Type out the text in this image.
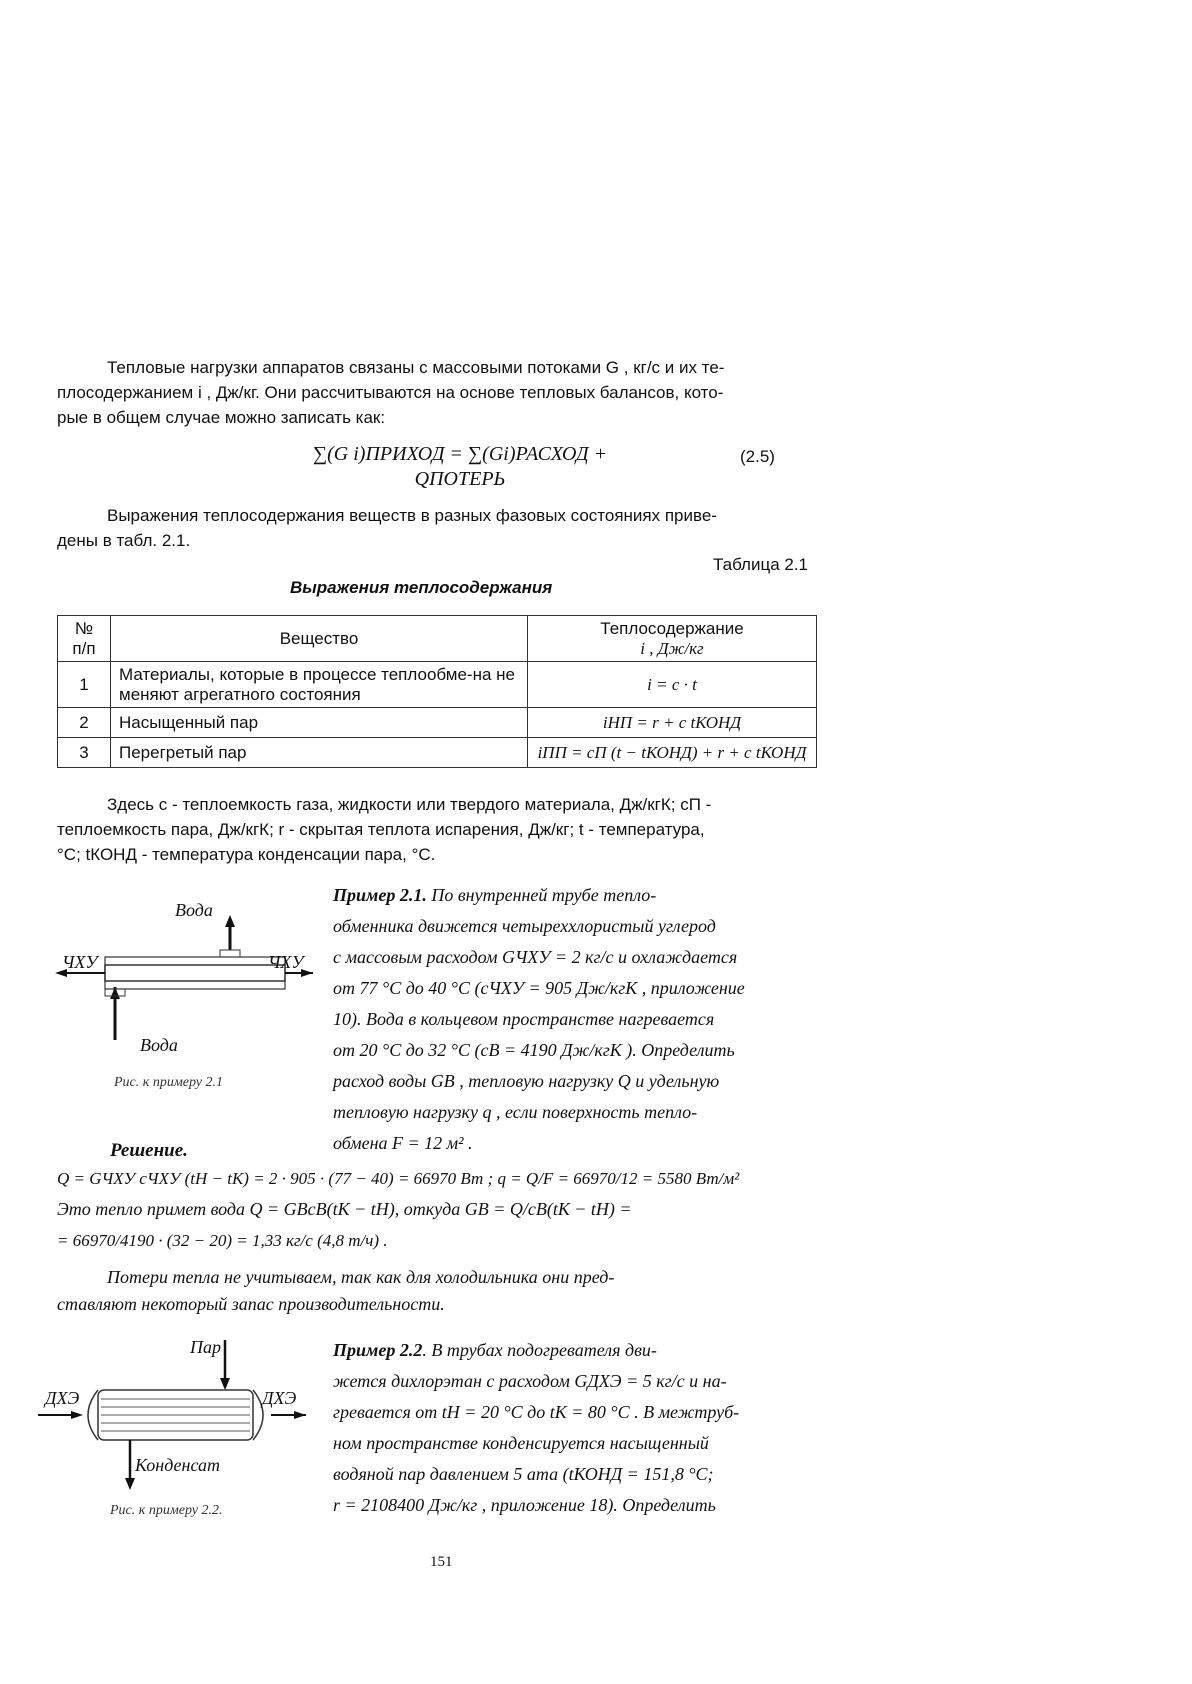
Тепловые нагрузки аппаратов связаны с массовыми потоками G , кг/с и их те-
плосодержанием i , Дж/кг. Они рассчитываются на основе тепловых балансов, кото-
рые в общем случае можно записать как:
∑(G i)ПРИХОД = ∑(Gi)РАСХОД + QПОТЕРЬ
(2.5)
Выражения теплосодержания веществ в разных фазовых состояниях приве-
дены в табл. 2.1.
Таблица 2.1
Выражения теплосодержания
№ п/п	Вещество	Теплосодержание
i , Дж/кг

1	Материалы, которые в процессе теплообме-на не меняют агрегатного состояния	i = c · t
2	Насыщенный пар	iНП = r + c tКОНД
3	Перегретый пар	iПП = cП (t − tКОНД) + r + c tКОНД
Здесь c - теплоемкость газа, жидкости или твердого материала, Дж/кгК; cП -
теплоемкость пара, Дж/кгК; r - скрытая теплота испарения, Дж/кг; t - температура,
°C; tКОНД - температура конденсации пара, °C.
Вода
ЧХУ	ЧХУ
Вода
Рис. к примеру 2.1
Пример 2.1. По внутренней трубе тепло-
обменника движется четыреххлористый углерод
с массовым расходом GЧХУ = 2 кг/с и охлаждается
от 77 °C до 40 °C (cЧХУ = 905 Дж/кгК , приложение
10). Вода в кольцевом пространстве нагревается
от 20 °C до 32 °C (cВ = 4190 Дж/кгК ). Определить
расход воды GВ , тепловую нагрузку Q и удельную
тепловую нагрузку q , если поверхность тепло-
обмена F = 12 м² .
Решение.
Q = GЧХУ cЧХУ (tН − tК) = 2 · 905 · (77 − 40) = 66970 Вт ; q = Q/F = 66970/12 = 5580 Вт/м²
Это тепло примет вода Q = GВcВ(tК − tН), откуда GВ = Q/cВ(tК − tН) =
= 66970/4190 · (32 − 20) = 1,33 кг/с (4,8 т/ч) .
Потери тепла не учитываем, так как для холодильника они пред-
ставляют некоторый запас производительности.
Пар
ДХЭ	ДХЭ
Конденсат
Рис. к примеру 2.2.
Пример 2.2. В трубах подогревателя дви-
жется дихлорэтан с расходом GДХЭ = 5 кг/с и на-
гревается от tН = 20 °C до tК = 80 °C . В межтруб-
ном пространстве конденсируется насыщенный
водяной пар давлением 5 ата (tКОНД = 151,8 °C;
r = 2108400 Дж/кг , приложение 18). Определить
151
